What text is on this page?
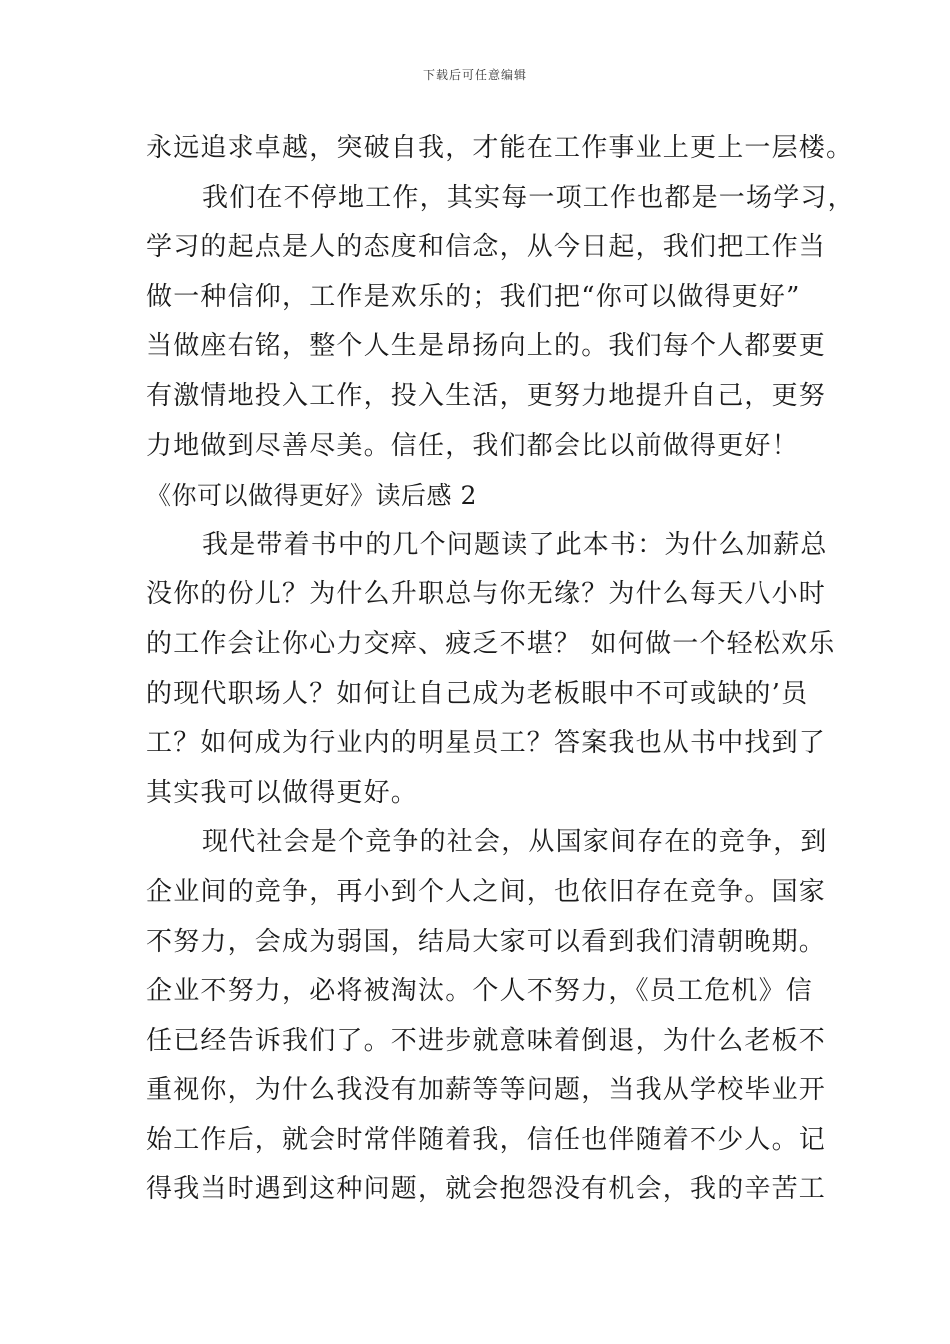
下载后可任意编辑
永远追求卓越，突破自我，才能在工作事业上更上一层楼。
我们在不停地工作，其实每一项工作也都是一场学习，
学习的起点是人的态度和信念，从今日起，我们把工作当
做一种信仰，工作是欢乐的；我们把“你可以做得更好”
当做座右铭，整个人生是昂扬向上的。我们每个人都要更
有激情地投入工作，投入生活，更努力地提升自己，更努
力地做到尽善尽美。信任，我们都会比以前做得更好！
《你可以做得更好》读后感 2
我是带着书中的几个问题读了此本书：为什么加薪总
没你的份儿？为什么升职总与你无缘？为什么每天八小时
的工作会让你心力交瘁、疲乏不堪？ 如何做一个轻松欢乐
的现代职场人？如何让自己成为老板眼中不可或缺的’员
工？如何成为行业内的明星员工？答案我也从书中找到了
其实我可以做得更好。
现代社会是个竞争的社会，从国家间存在的竞争，到
企业间的竞争，再小到个人之间，也依旧存在竞争。国家
不努力，会成为弱国，结局大家可以看到我们清朝晚期。
企业不努力，必将被淘汰。个人不努力，《员工危机》信
任已经告诉我们了。不进步就意味着倒退，为什么老板不
重视你，为什么我没有加薪等等问题，当我从学校毕业开
始工作后，就会时常伴随着我，信任也伴随着不少人。记
得我当时遇到这种问题，就会抱怨没有机会，我的辛苦工
